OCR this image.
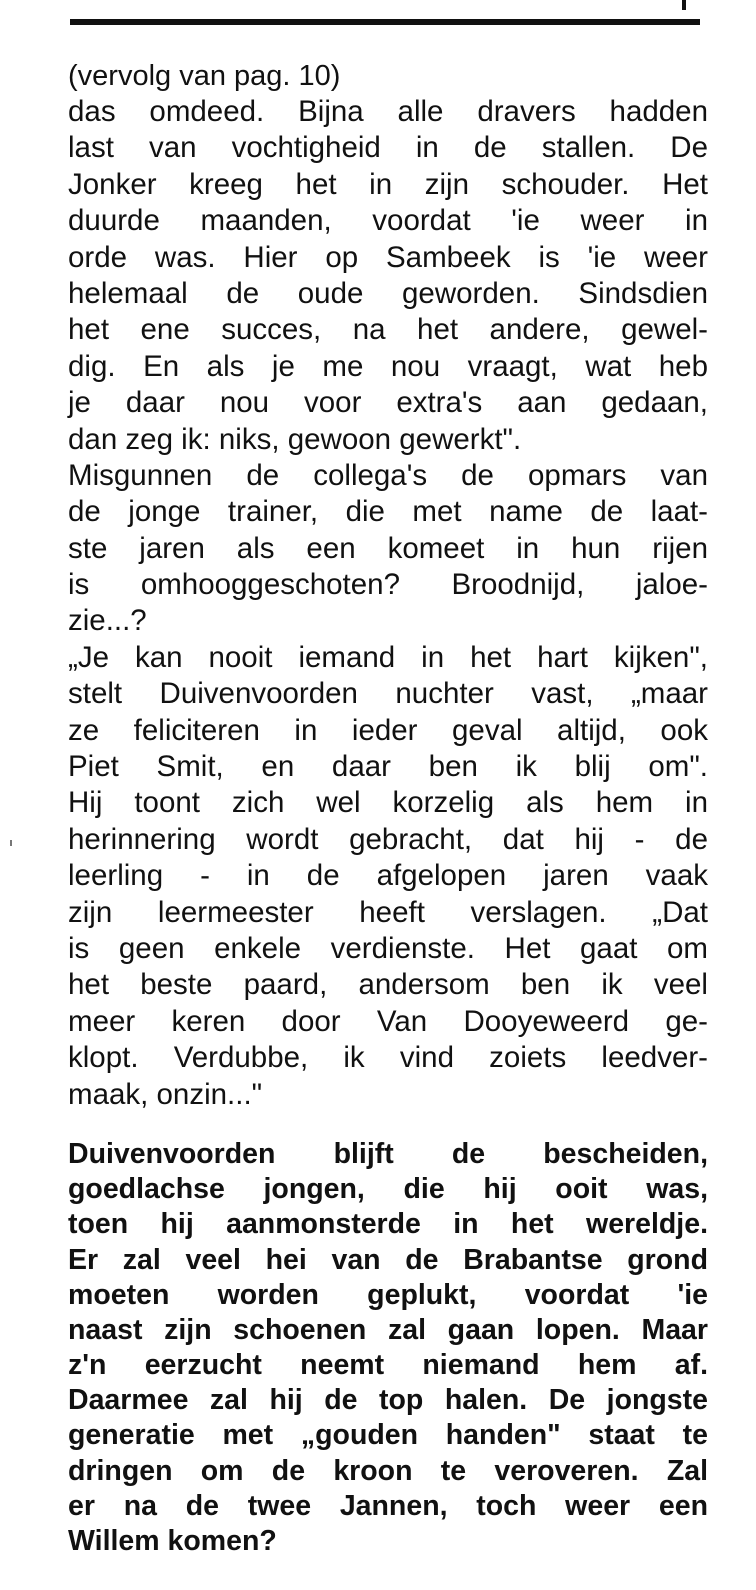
(vervolg van pag. 10)

das omdeed. Bijna alle dravers hadden
last van vochtigheid in de stallen. De
Jonker kreeg het in zijn schouder. Het
duurde maanden, voordat 'ie weer in
orde was. Hier op Sambeek is 'ie weer
helemaal de oude geworden. Sindsdien
het ene succes, na het andere, gewel-
dig. En als je me nou vraagt, wat heb
je daar nou voor extra's aan gedaan,
dan zeg ik: niks, gewoon gewerkt".
Misgunnen de collega's de opmars van
de jonge trainer, die met name de laat-
ste jaren als een komeet in hun rijen
is omhooggeschoten? Broodnijd, jaloe-
zie...?
„Je kan nooit iemand in het hart kijken",
stelt Duivenvoorden nuchter vast, „maar
ze feliciteren in ieder geval altijd, ook
Piet Smit, en daar ben ik blij om".
Hij toont zich wel korzelig als hem in
herinnering wordt gebracht, dat hij - de
leerling - in de afgelopen jaren vaak
zijn leermeester heeft verslagen. „Dat
is geen enkele verdienste. Het gaat om
het beste paard, andersom ben ik veel
meer keren door Van Dooyeweerd ge-
klopt. Verdubbe, ik vind zoiets leedver-
maak, onzin..."
Duivenvoorden blijft de bescheiden,
goedlachse jongen, die hij ooit was,
toen hij aanmonsterde in het wereldje.
Er zal veel hei van de Brabantse grond
moeten worden geplukt, voordat 'ie
naast zijn schoenen zal gaan lopen. Maar
z'n eerzucht neemt niemand hem af.
Daarmee zal hij de top halen. De jongste
generatie met „gouden handen" staat te
dringen om de kroon te veroveren. Zal
er na de twee Jannen, toch weer een
Willem komen?
